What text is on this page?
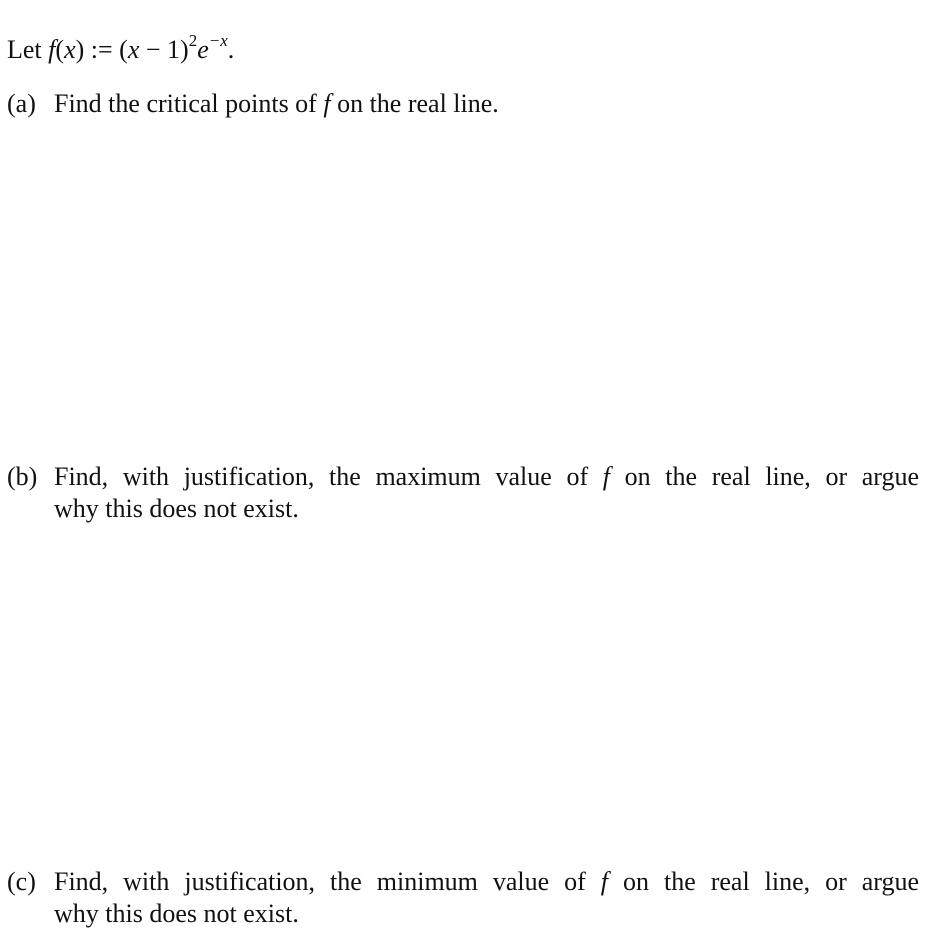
Let f(x) := $(x - 1)^2e^{-x}$.
(a) Find the critical points of f on the real line.
(b) Find, with justification, the maximum value of f on the real line, or argue
why this does not exist.
(c) Find, with justification, the minimum value of f on the real line, or argue
why this does not exist.
